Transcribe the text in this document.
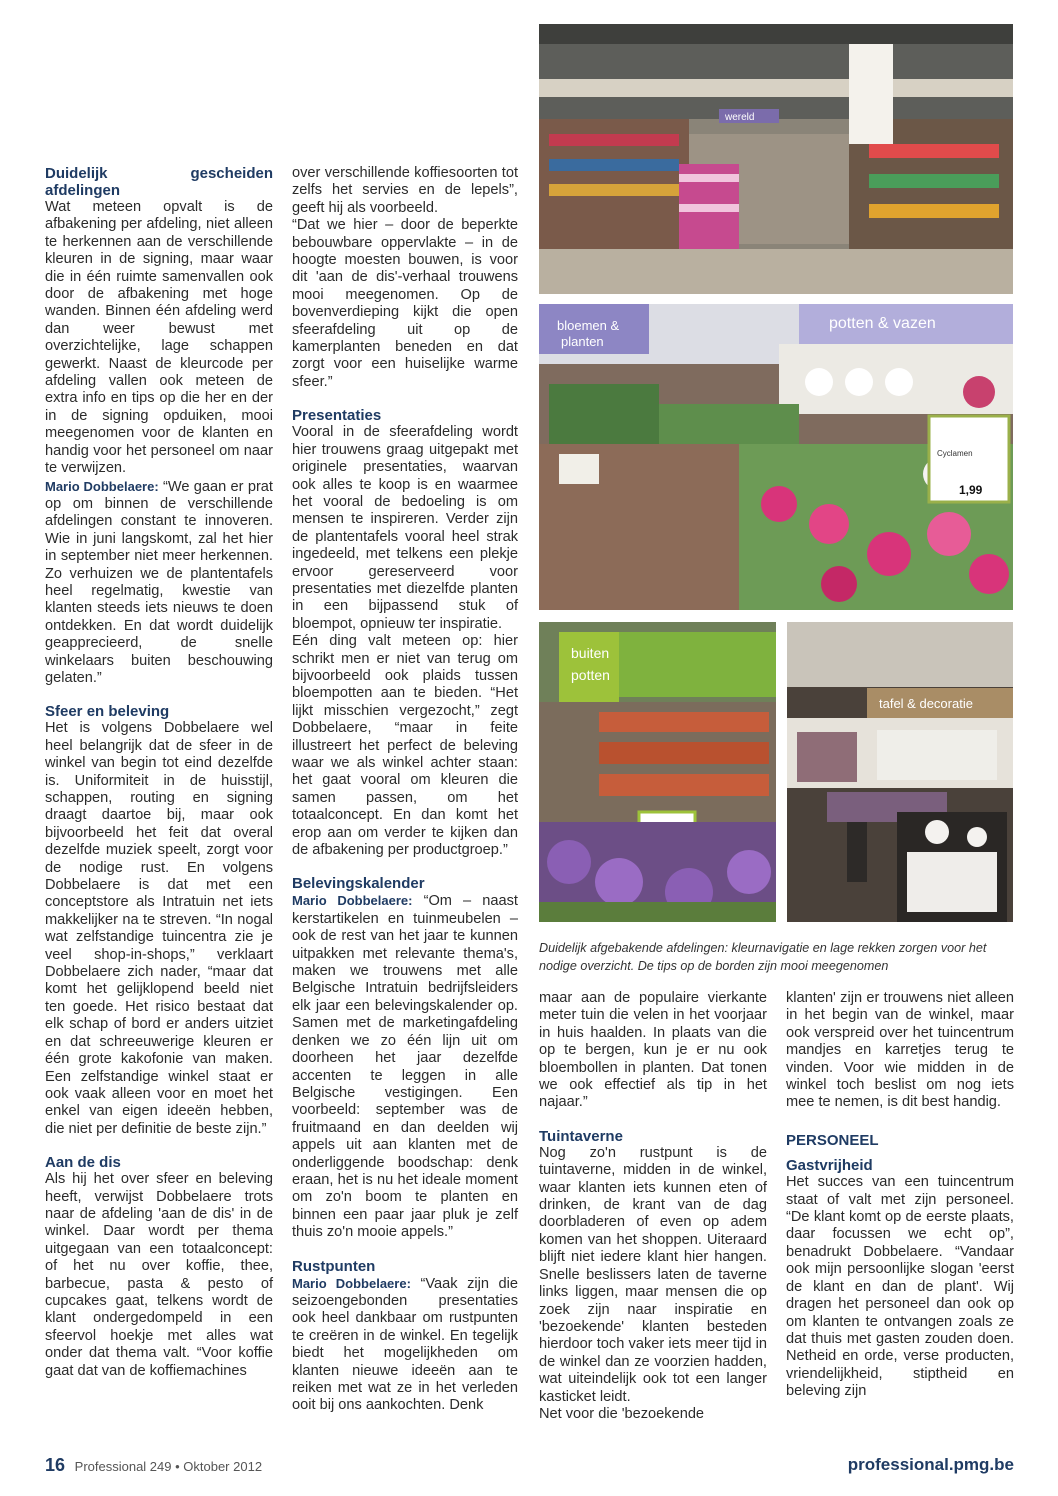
Duidelijk gescheiden afdelingen

Wat meteen opvalt is de afbakening per afdeling, niet alleen te herkennen aan de verschillende kleuren in de signing, maar waar die in één ruimte samenvallen ook door de afbakening met hoge wanden. Binnen één afdeling werd dan weer bewust met overzichtelijke, lage schappen gewerkt. Naast de kleurcode per afdeling vallen ook meteen de extra info en tips op die her en der in de signing opduiken, mooi meegenomen voor de klanten en handig voor het personeel om naar te verwijzen.

Mario Dobbelaere: “We gaan er prat op om binnen de verschillende afdelingen constant te innoveren. Wie in juni langskomt, zal het hier in september niet meer herkennen. Zo verhuizen we de plantentafels heel regelmatig, kwestie van klanten steeds iets nieuws te doen ontdekken. En dat wordt duidelijk geapprecieerd, de snelle winkelaars buiten beschouwing gelaten.”

Sfeer en beleving

Het is volgens Dobbelaere wel heel belangrijk dat de sfeer in de winkel van begin tot eind dezelfde is. Uniformiteit in de huisstijl, schappen, routing en signing draagt daartoe bij, maar ook bijvoorbeeld het feit dat overal dezelfde muziek speelt, zorgt voor de nodige rust. En volgens Dobbelaere is dat met een conceptstore als Intratuin net iets makkelijker na te streven. “In nogal wat zelfstandige tuincentra zie je veel shop-in-shops,” verklaart Dobbelaere zich nader, “maar dat komt het gelijklopend beeld niet ten goede. Het risico bestaat dat elk schap of bord er anders uitziet en dat schreeuwerige kleuren er één grote kakofonie van maken. Een zelfstandige winkel staat er ook vaak alleen voor en moet het enkel van eigen ideeën hebben, die niet per definitie de beste zijn.”

Aan de dis

Als hij het over sfeer en beleving heeft, verwijst Dobbelaere trots naar de afdeling 'aan de dis' in de winkel. Daar wordt per thema uitgegaan van een totaalconcept: of het nu over koffie, thee, barbecue, pasta & pesto of cupcakes gaat, telkens wordt de klant ondergedompeld in een sfeervol hoekje met alles wat onder dat thema valt. “Voor koffie gaat dat van de koffiemachines

over verschillende koffiesoorten tot zelfs het servies en de lepels”, geeft hij als voorbeeld.

“Dat we hier – door de beperkte bebouwbare oppervlakte – in de hoogte moesten bouwen, is voor dit 'aan de dis'-verhaal trouwens mooi meegenomen. Op de bovenverdieping kijkt die open sfeerafdeling uit op de kamerplanten beneden en dat zorgt voor een huiselijke warme sfeer.”

Presentaties

Vooral in de sfeerafdeling wordt hier trouwens graag uitgepakt met originele presentaties, waarvan ook alles te koop is en waarmee het vooral de bedoeling is om mensen te inspireren. Verder zijn de plantentafels vooral heel strak ingedeeld, met telkens een plekje ervoor gereserveerd voor presentaties met diezelfde planten in een bijpassend stuk of bloempot, opnieuw ter inspiratie.

Eén ding valt meteen op: hier schrikt men er niet van terug om bijvoorbeeld ook plaids tussen bloempotten aan te bieden. “Het lijkt misschien vergezocht,” zegt Dobbelaere, “maar in feite illustreert het perfect de beleving waar we als winkel achter staan: het gaat vooral om kleuren die samen passen, om het totaalconcept. En dan komt het erop aan om verder te kijken dan de afbakening per productgroep.”

Belevingskalender

Mario Dobbelaere: “Om – naast kerstartikelen en tuinmeubelen – ook de rest van het jaar te kunnen uitpakken met relevante thema's, maken we trouwens met alle Belgische Intratuin bedrijfsleiders elk jaar een belevingskalender op. Samen met de marketingafdeling denken we zo één lijn uit om doorheen het jaar dezelfde accenten te leggen in alle Belgische vestigingen. Een voorbeeld: september was de fruitmaand en dan deelden wij appels uit aan klanten met de onderliggende boodschap: denk eraan, het is nu het ideale moment om zo'n boom te planten en binnen een paar jaar pluk je zelf thuis zo'n mooie appels.”

Rustpunten

Mario Dobbelaere: “Vaak zijn die seizoengebonden presentaties ook heel dankbaar om rustpunten te creëren in de winkel. En tegelijk biedt het mogelijkheden om klanten nieuwe ideeën aan te reiken met wat ze in het verleden ooit bij ons aankochten. Denk

maar aan de populaire vierkante meter tuin die velen in het voorjaar in huis haalden. In plaats van die op te bergen, kun je er nu ook bloembollen in planten. Dat tonen we ook effectief als tip in het najaar.”

Tuintaverne

Nog zo'n rustpunt is de tuintaverne, midden in de winkel, waar klanten iets kunnen eten of drinken, de krant van de dag doorbladeren of even op adem komen van het shoppen. Uiteraard blijft niet iedere klant hier hangen. Snelle beslissers laten de taverne links liggen, maar mensen die op zoek zijn naar inspiratie en 'bezoekende' klanten besteden hierdoor toch vaker iets meer tijd in de winkel dan ze voorzien hadden, wat uiteindelijk ook tot een langer kasticket leidt.

Net voor die 'bezoekende

klanten' zijn er trouwens niet alleen in het begin van de winkel, maar ook verspreid over het tuincentrum mandjes en karretjes terug te vinden. Voor wie midden in de winkel toch beslist om nog iets mee te nemen, is dit best handig.

PERSONEEL

Gastvrijheid

Het succes van een tuincentrum staat of valt met zijn personeel. “De klant komt op de eerste plaats, daar focussen we echt op”, benadrukt Dobbelaere. “Vandaar ook mijn persoonlijke slogan 'eerst de klant en dan de plant'. Wij dragen het personeel dan ook op om klanten te ontvangen zoals ze dat thuis met gasten zouden doen. Netheid en orde, verse producten, vriendelijkheid, stiptheid en beleving zijn

wereld
bloemen &
planten
potten & vazen
Cyclamen
1,99
buiten
potten
tafel & decoratie
Duidelijk afgebakende afdelingen: kleurnavigatie en lage rekken zorgen voor het nodige overzicht. De tips op de borden zijn mooi meegenomen
16 Professional 249 • Oktober 2012	professional.pmg.be
